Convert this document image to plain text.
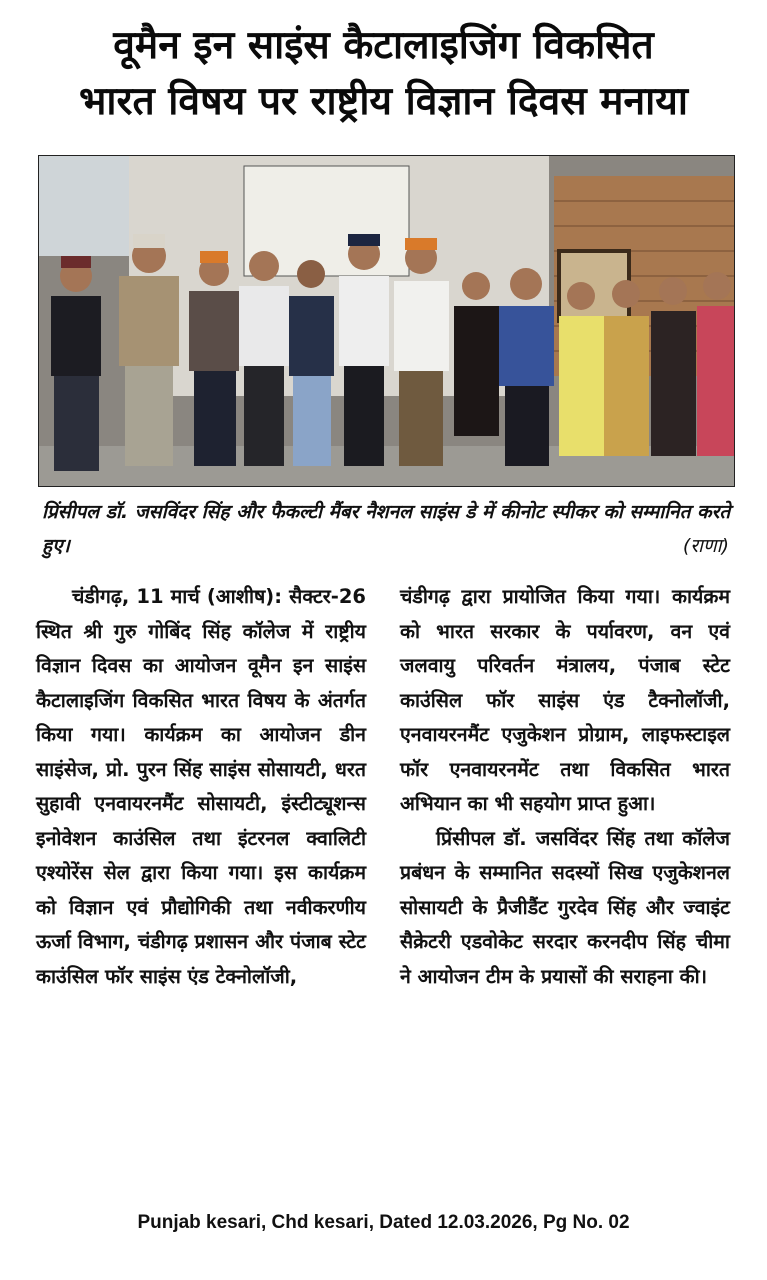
वूमैन इन साइंस कैटालाइजिंग विकसित
भारत विषय पर राष्ट्रीय विज्ञान दिवस मनाया
प्रिंसीपल डॉ. जसविंदर सिंह और फैकल्टी मैंबर नैशनल साइंस डे में कीनोट स्पीकर को सम्मानित करते हुए।	(राणा)

चंडीगढ़, 11 मार्च (आशीष): सैक्टर-26 स्थित श्री गुरु गोबिंद सिंह कॉलेज में राष्ट्रीय विज्ञान दिवस का आयोजन वूमैन इन साइंस कैटालाइजिंग विकसित भारत विषय के अंतर्गत किया गया। कार्यक्रम का आयोजन डीन साइंसेज, प्रो. पुरन सिंह साइंस सोसायटी, धरत सुहावी एनवायरनमैंट सोसायटी, इंस्टीट्यूशन्स इनोवेशन काउंसिल तथा इंटरनल क्वालिटी एश्योरेंस सेल द्वारा किया गया। इस कार्यक्रम को विज्ञान एवं प्रौद्योगिकी तथा नवीकरणीय ऊर्जा विभाग, चंडीगढ़ प्रशासन और पंजाब स्टेट काउंसिल फॉर साइंस एंड टेक्नोलॉजी,

चंडीगढ़ द्वारा प्रायोजित किया गया। कार्यक्रम को भारत सरकार के पर्यावरण, वन एवं जलवायु परिवर्तन मंत्रालय, पंजाब स्टेट काउंसिल फॉर साइंस एंड टैक्नोलॉजी, एनवायरनमैंट एजुकेशन प्रोग्राम, लाइफस्टाइल फॉर एनवायरनमेंट तथा विकसित भारत अभियान का भी सहयोग प्राप्त हुआ।

प्रिंसीपल डॉ. जसविंदर सिंह तथा कॉलेज प्रबंधन के सम्मानित सदस्यों सिख एजुकेशनल सोसायटी के प्रैजीडैंट गुरदेव सिंह और ज्वाइंट सैक्रेटरी एडवोकेट सरदार करनदीप सिंह चीमा ने आयोजन टीम के प्रयासों की सराहना की।

Punjab kesari, Chd kesari, Dated 12.03.2026, Pg No. 02
